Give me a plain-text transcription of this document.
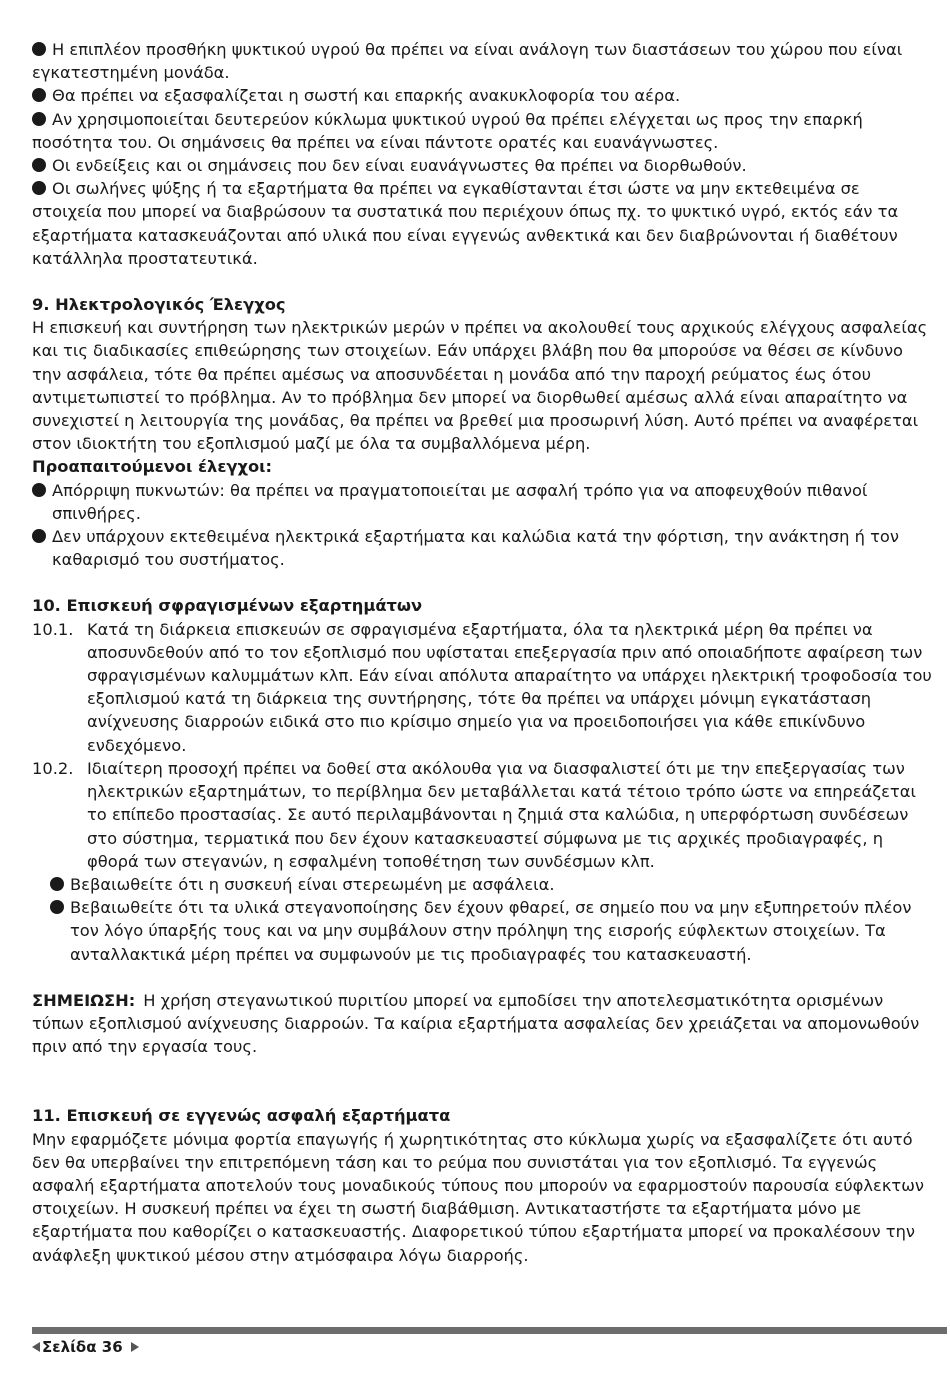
Η επιπλέον προσθήκη ψυκτικού υγρού θα πρέπει να είναι ανάλογη των διαστάσεων του χώρου που είναι εγκατεστημένη μονάδα.

Θα πρέπει να εξασφαλίζεται η σωστή και επαρκής ανακυκλοφορία του αέρα.

Αν χρησιμοποιείται δευτερεύον κύκλωμα ψυκτικού υγρού θα πρέπει ελέγχεται ως προς την επαρκή ποσότητα του. Οι σημάνσεις θα πρέπει να είναι πάντοτε ορατές και ευανάγνωστες.

Οι ενδείξεις και οι σημάνσεις που δεν είναι ευανάγνωστες θα πρέπει να διορθωθούν.

Οι σωλήνες ψύξης ή τα εξαρτήματα θα πρέπει να εγκαθίστανται έτσι ώστε να μην εκτεθειμένα σε στοιχεία που μπορεί να διαβρώσουν τα συστατικά που περιέχουν όπως πχ. το ψυκτικό υγρό, εκτός εάν τα εξαρτήματα κατασκευάζονται από υλικά που είναι εγγενώς ανθεκτικά και δεν διαβρώνονται ή διαθέτουν κατάλληλα προστατευτικά.

9. Ηλεκτρολογικός Έλεγχος

Η επισκευή και συντήρηση των ηλεκτρικών μερών ν πρέπει να ακολουθεί τους αρχικούς ελέγχους ασφαλείας και τις διαδικασίες επιθεώρησης των στοιχείων. Εάν υπάρχει βλάβη που θα μπορούσε να θέσει σε κίνδυνο την ασφάλεια, τότε θα πρέπει αμέσως να αποσυνδέεται η μονάδα από την παροχή ρεύματος έως ότου αντιμετωπιστεί το πρόβλημα. Αν το πρόβλημα δεν μπορεί να διορθωθεί αμέσως αλλά είναι απαραίτητο να συνεχιστεί η λειτουργία της μονάδας, θα πρέπει να βρεθεί μια προσωρινή λύση. Αυτό πρέπει να αναφέρεται στον ιδιοκτήτη του εξοπλισμού μαζί με όλα τα συμβαλλόμενα μέρη.

Προαπαιτούμενοι έλεγχοι:

Απόρριψη πυκνωτών: θα πρέπει να πραγματοποιείται με ασφαλή τρόπο για να αποφευχθούν πιθανοί σπινθήρες.

Δεν υπάρχουν εκτεθειμένα ηλεκτρικά εξαρτήματα και καλώδια κατά την φόρτιση, την ανάκτηση ή τον καθαρισμό του συστήματος.

10. Επισκευή σφραγισμένων εξαρτημάτων

10.1. Κατά τη διάρκεια επισκευών σε σφραγισμένα εξαρτήματα, όλα τα ηλεκτρικά μέρη θα πρέπει να αποσυνδεθούν από το τον εξοπλισμό που υφίσταται επεξεργασία πριν από οποιαδήποτε αφαίρεση των σφραγισμένων καλυμμάτων κλπ. Εάν είναι απόλυτα απαραίτητο να υπάρχει ηλεκτρική τροφοδοσία του εξοπλισμού κατά τη διάρκεια της συντήρησης, τότε θα πρέπει να υπάρχει μόνιμη εγκατάσταση ανίχνευσης διαρροών ειδικά στο πιο κρίσιμο σημείο για να προειδοποιήσει για κάθε επικίνδυνο ενδεχόμενο.

10.2. Ιδιαίτερη προσοχή πρέπει να δοθεί στα ακόλουθα για να διασφαλιστεί ότι με την επεξεργασίας των ηλεκτρικών εξαρτημάτων, το περίβλημα δεν μεταβάλλεται κατά τέτοιο τρόπο ώστε να επηρεάζεται το επίπεδο προστασίας. Σε αυτό περιλαμβάνονται η ζημιά στα καλώδια, η υπερφόρτωση συνδέσεων στο σύστημα, τερματικά που δεν έχουν κατασκευαστεί σύμφωνα με τις αρχικές προδιαγραφές, η φθορά των στεγανών, η εσφαλμένη τοποθέτηση των συνδέσμων κλπ.

Βεβαιωθείτε ότι η συσκευή είναι στερεωμένη με ασφάλεια.

Βεβαιωθείτε ότι τα υλικά στεγανοποίησης δεν έχουν φθαρεί, σε σημείο που να μην εξυπηρετούν πλέον τον λόγο ύπαρξής τους και να μην συμβάλουν στην πρόληψη της εισροής εύφλεκτων στοιχείων. Τα ανταλλακτικά μέρη πρέπει να συμφωνούν με τις προδιαγραφές του κατασκευαστή.

ΣΗΜΕΙΩΣΗ: Η χρήση στεγανωτικού πυριτίου μπορεί να εμποδίσει την αποτελεσματικότητα ορισμένων τύπων εξοπλισμού ανίχνευσης διαρροών. Τα καίρια εξαρτήματα ασφαλείας δεν χρειάζεται να απομονωθούν πριν από την εργασία τους.

11. Επισκευή σε εγγενώς ασφαλή εξαρτήματα

Μην εφαρμόζετε μόνιμα φορτία επαγωγής ή χωρητικότητας στο κύκλωμα χωρίς να εξασφαλίζετε ότι αυτό δεν θα υπερβαίνει την επιτρεπόμενη τάση και το ρεύμα που συνιστάται για τον εξοπλισμό. Τα εγγενώς ασφαλή εξαρτήματα αποτελούν τους μοναδικούς τύπους που μπορούν να εφαρμοστούν παρουσία εύφλεκτων στοιχείων. Η συσκευή πρέπει να έχει τη σωστή διαβάθμιση. Αντικαταστήστε τα εξαρτήματα μόνο με εξαρτήματα που καθορίζει ο κατασκευαστής. Διαφορετικού τύπου εξαρτήματα μπορεί να προκαλέσουν την ανάφλεξη ψυκτικού μέσου στην ατμόσφαιρα λόγω διαρροής.

Σελίδα 36
